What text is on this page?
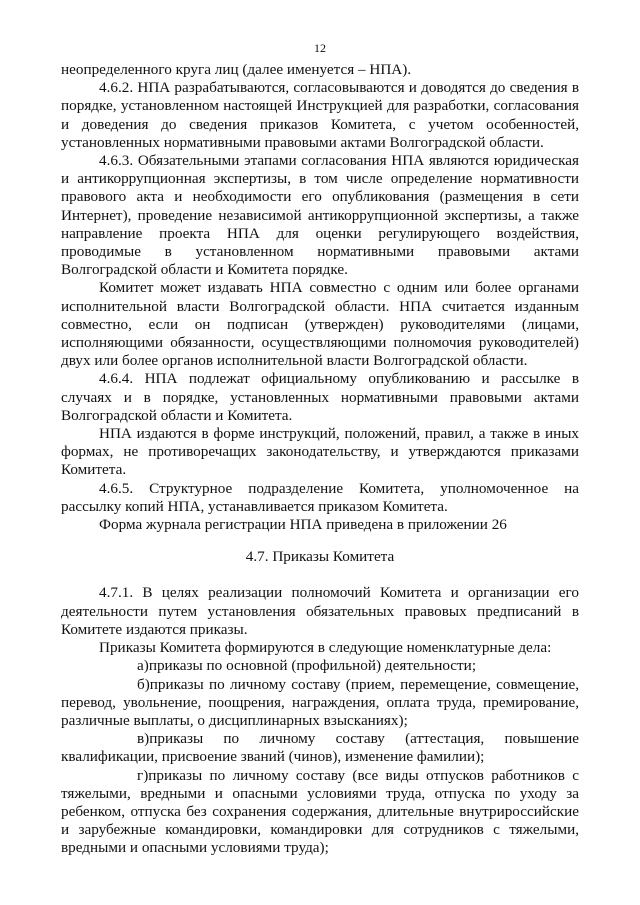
12

неопределенного круга лиц (далее именуется – НПА).

4.6.2. НПА разрабатываются, согласовываются и доводятся до сведения в порядке, установленном настоящей Инструкцией для разработки, согласования и доведения до сведения приказов Комитета, с учетом особенностей, установленных нормативными правовыми актами Волгоградской области.

4.6.3. Обязательными этапами согласования НПА являются юридическая и антикоррупционная экспертизы, в том числе определение нормативности правового акта и необходимости его опубликования (размещения в сети Интернет), проведение независимой антикоррупционной экспертизы, а также направление проекта НПА для оценки регулирующего воздействия, проводимые в установленном нормативными правовыми актами Волгоградской области и Комитета порядке.

Комитет может издавать НПА совместно с одним или более органами исполнительной власти Волгоградской области. НПА считается изданным совместно, если он подписан (утвержден) руководителями (лицами, исполняющими обязанности, осуществляющими полномочия руководителей) двух или более органов исполнительной власти Волгоградской области.

4.6.4. НПА подлежат официальному опубликованию и рассылке в случаях и в порядке, установленных нормативными правовыми актами Волгоградской области и Комитета.

НПА издаются в форме инструкций, положений, правил, а также в иных формах, не противоречащих законодательству, и утверждаются приказами Комитета.

4.6.5. Структурное подразделение Комитета, уполномоченное на рассылку копий НПА, устанавливается приказом Комитета.

Форма журнала регистрации НПА приведена в приложении 26

4.7. Приказы Комитета

4.7.1. В целях реализации полномочий Комитета и организации его деятельности путем установления обязательных правовых предписаний в Комитете издаются приказы.

Приказы Комитета формируются в следующие номенклатурные дела:

а)приказы по основной (профильной) деятельности;

б)приказы по личному составу (прием, перемещение, совмещение, перевод, увольнение, поощрения, награждения, оплата труда, премирование, различные выплаты, о дисциплинарных взысканиях);

в)приказы по личному составу (аттестация, повышение квалификации, присвоение званий (чинов), изменение фамилии);

г)приказы по личному составу (все виды отпусков работников с тяжелыми, вредными и опасными условиями труда, отпуска по уходу за ребенком, отпуска без сохранения содержания, длительные внутрироссийские и зарубежные командировки, командировки для сотрудников с тяжелыми, вредными и опасными условиями труда);
